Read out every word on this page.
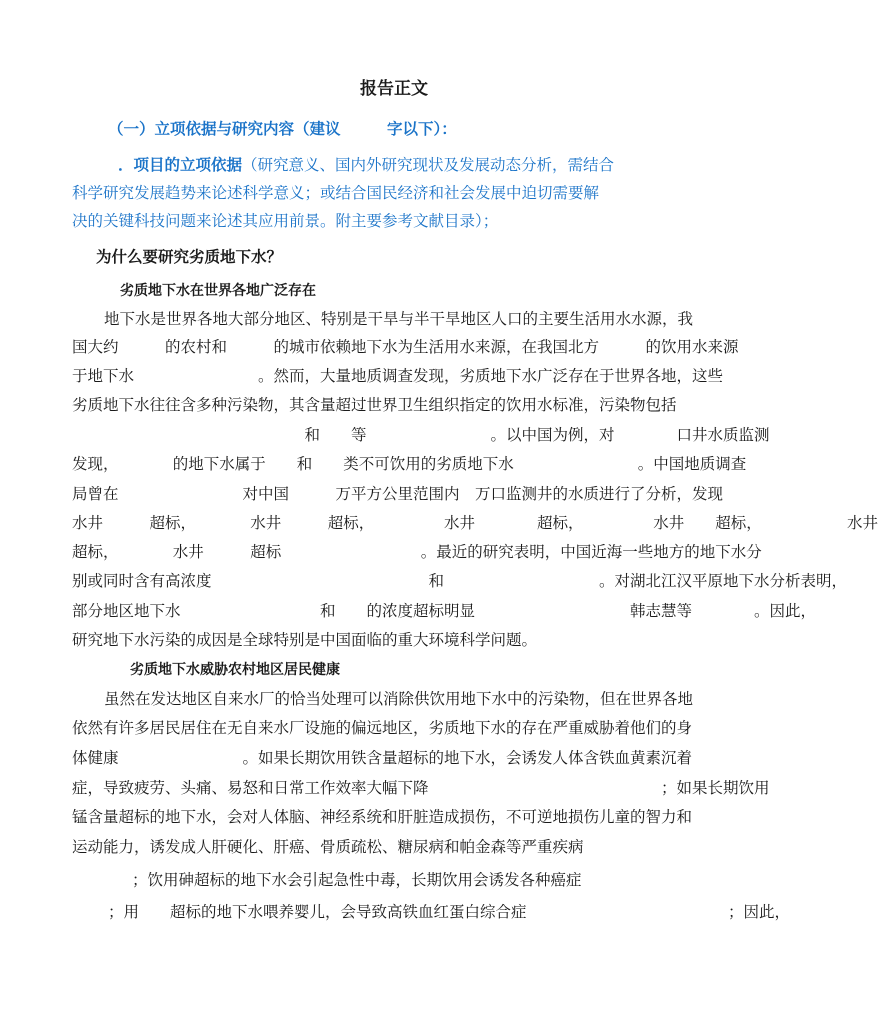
报告正文
（一）立项依据与研究内容（建议　　　字以下）：
．项目的立项依据（研究意义、国内外研究现状及发展动态分析，需结合
科学研究发展趋势来论述科学意义；或结合国民经济和社会发展中迫切需要解
决的关键科技问题来论述其应用前景。附主要参考文献目录）；
为什么要研究劣质地下水？
劣质地下水在世界各地广泛存在
地下水是世界各地大部分地区、特别是干旱与半干旱地区人口的主要生活用水水源，我
国大约　　　的农村和　　　的城市依赖地下水为生活用水来源，在我国北方　　　的饮用水来源
于地下水　　　　　　　　。然而，大量地质调查发现，劣质地下水广泛存在于世界各地，这些
劣质地下水往往含多种污染物，其含量超过世界卫生组织指定的饮用水标准，污染物包括
　　　　　　　　　　　　　　　和　　等　　　　　　　　。以中国为例，对　　　　口井水质监测
发现，　　　　的地下水属于　　和　　类不可饮用的劣质地下水　　　　　　　　。中国地质调查
局曾在　　　　　　　　对中国　　　万平方公里范围内　万口监测井的水质进行了分析，发现
水井　　　超标，　　　　水井　　　超标，　　　　　水井　　　　超标，　　　　　水井　　超标，　　　　　　水井
超标，　　　　水井　　　超标　　　　　　　　　。最近的研究表明，中国近海一些地方的地下水分
别或同时含有高浓度　　　　　　　　　　　　　　和　　　　　　　　　　。对湖北江汉平原地下水分析表明，
部分地区地下水　　　　　　　　　和　　的浓度超标明显　　　　　　　　　　韩志慧等　　　　。因此，
研究地下水污染的成因是全球特别是中国面临的重大环境科学问题。
劣质地下水威胁农村地区居民健康
虽然在发达地区自来水厂的恰当处理可以消除供饮用地下水中的污染物，但在世界各地
依然有许多居民居住在无自来水厂设施的偏远地区，劣质地下水的存在严重威胁着他们的身
体健康　　　　　　　　。如果长期饮用铁含量超标的地下水，会诱发人体含铁血黄素沉着
症，导致疲劳、头痛、易怒和日常工作效率大幅下降　　　　　　　　　　　　　　　；如果长期饮用
锰含量超标的地下水，会对人体脑、神经系统和肝脏造成损伤，不可逆地损伤儿童的智力和
运动能力，诱发成人肝硬化、肝癌、骨质疏松、糖尿病和帕金森等严重疾病
；饮用砷超标的地下水会引起急性中毒，长期饮用会诱发各种癌症
；用　　超标的地下水喂养婴儿，会导致高铁血红蛋白综合症　　　　　　　　　　　　　；因此，
